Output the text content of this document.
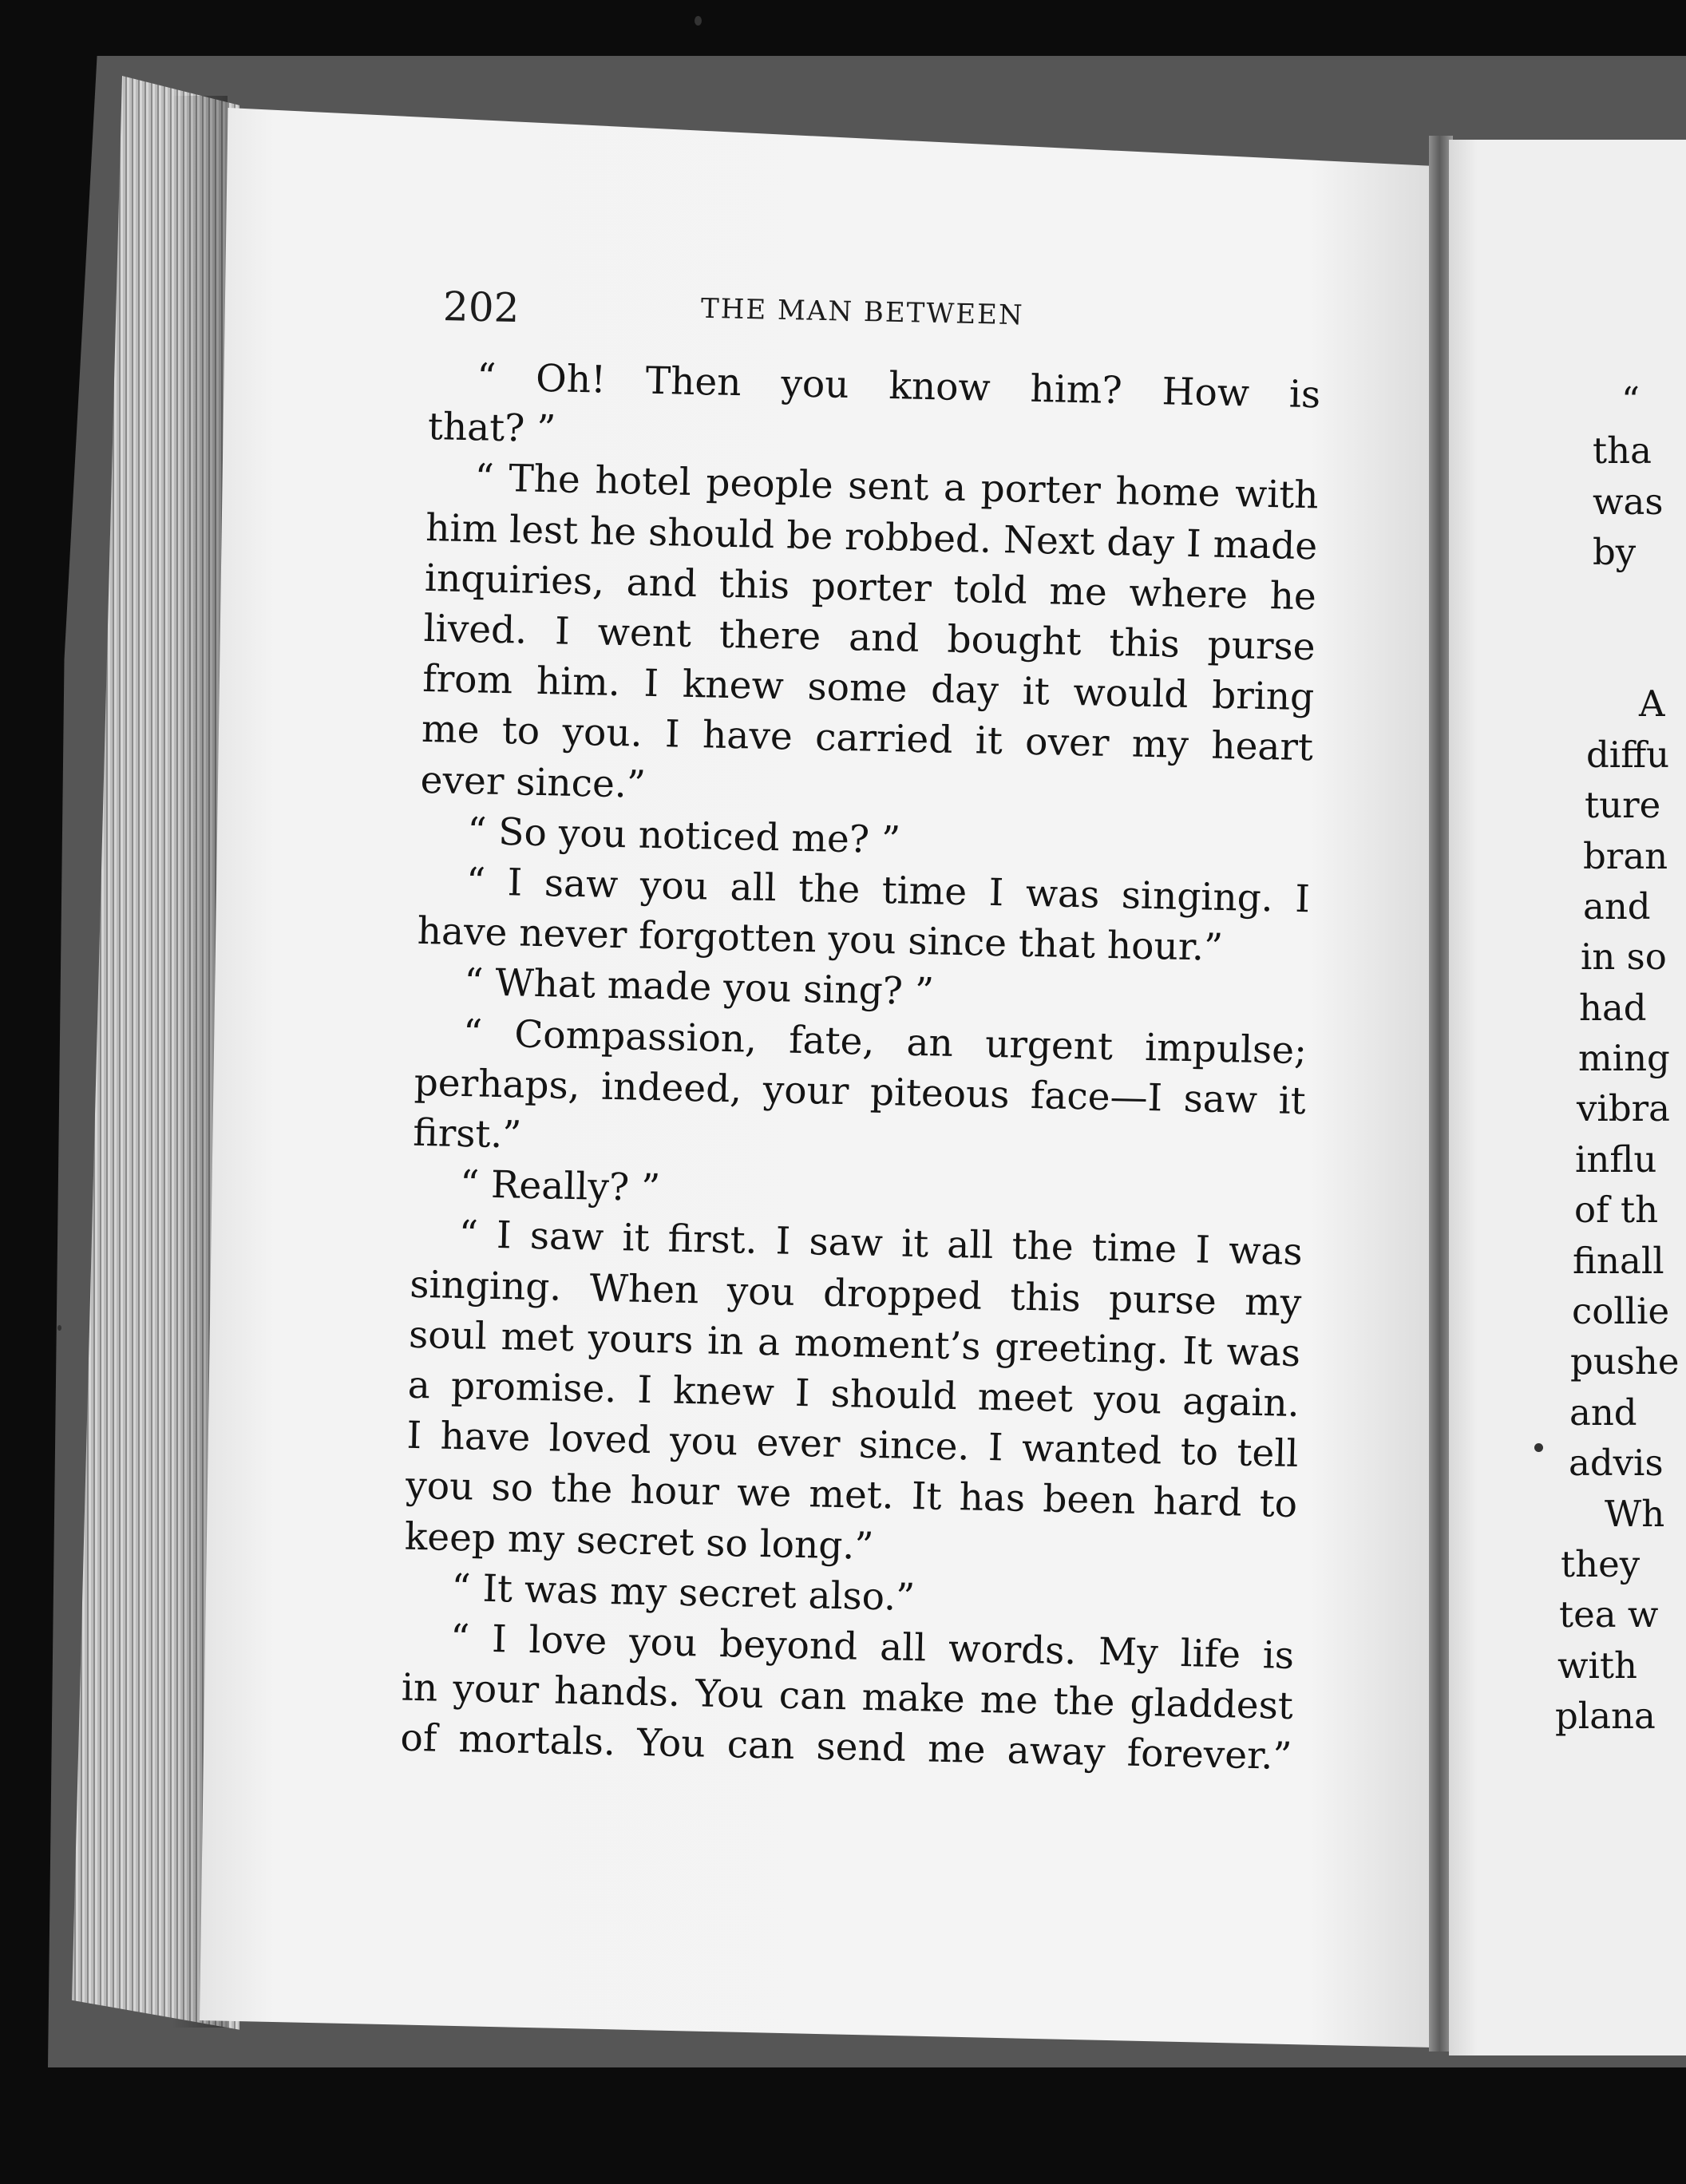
202	THE MAN BETWEEN
“ Oh! Then you know him? How is
that? ”
“ The hotel people sent a porter home with
him lest he should be robbed. Next day I made
inquiries, and this porter told me where he
lived. I went there and bought this purse
from him. I knew some day it would bring
me to you. I have carried it over my heart
ever since.”
“ So you noticed me? ”
“ I saw you all the time I was singing. I
have never forgotten you since that hour.”
“ What made you sing? ”
“ Compassion, fate, an urgent impulse;
perhaps, indeed, your piteous face—I saw it
first.”
“ Really? ”
“ I saw it first. I saw it all the time I was
singing. When you dropped this purse my
soul met yours in a moment’s greeting. It was
a promise. I knew I should meet you again.
I have loved you ever since. I wanted to tell
you so the hour we met. It has been hard to
keep my secret so long.”
“ It was my secret also.”
“ I love you beyond all words. My life is
in your hands. You can make me the gladdest
of mortals. You can send me away forever.”
“
tha
was
by
A
diffu
ture
bran
and
in so
had
ming
vibra
influ
of th
finall
collie
pushe
and
advis
Wh
they
tea w
with
plana
